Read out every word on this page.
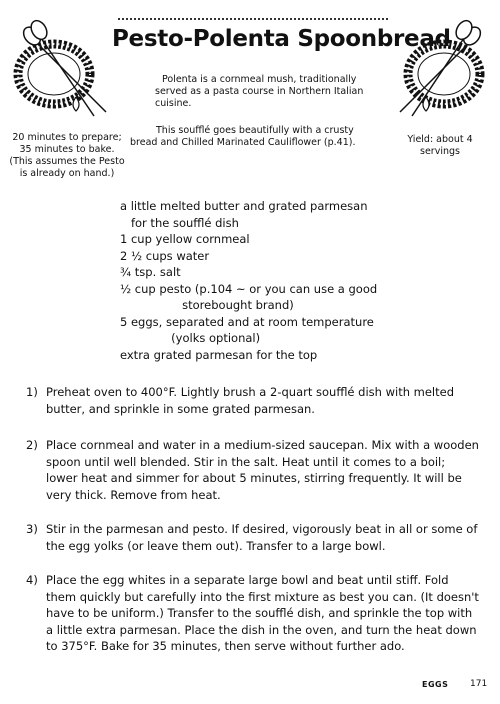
Pesto-Polenta Spoonbread
Polenta is a cornmeal mush, traditionally served as a pasta course in Northern Italian cuisine.
This soufflé goes beautifully with a crusty bread and Chilled Marinated Cauliflower (p.41).
20 minutes to prepare; 35 minutes to bake. (This assumes the Pesto is already on hand.)
Yield: about 4 servings
a little melted butter and grated parmesan
for the soufflé dish
1 cup yellow cornmeal
2 ½ cups water
¾ tsp. salt
½ cup pesto (p.104 ~ or you can use a good
storebought brand)
5 eggs, separated and at room temperature
(yolks optional)
extra grated parmesan for the top
1) Preheat oven to 400°F. Lightly brush a 2-quart soufflé dish with melted butter, and sprinkle in some grated parmesan.
2) Place cornmeal and water in a medium-sized saucepan. Mix with a wooden spoon until well blended. Stir in the salt. Heat until it comes to a boil; lower heat and simmer for about 5 minutes, stirring frequently. It will be very thick. Remove from heat.
3) Stir in the parmesan and pesto. If desired, vigorously beat in all or some of the egg yolks (or leave them out). Transfer to a large bowl.
4) Place the egg whites in a separate large bowl and beat until stiff. Fold them quickly but carefully into the first mixture as best you can. (It doesn't have to be uniform.) Transfer to the soufflé dish, and sprinkle the top with a little extra parmesan. Place the dish in the oven, and turn the heat down to 375°F. Bake for 35 minutes, then serve without further ado.
EGGS 171
